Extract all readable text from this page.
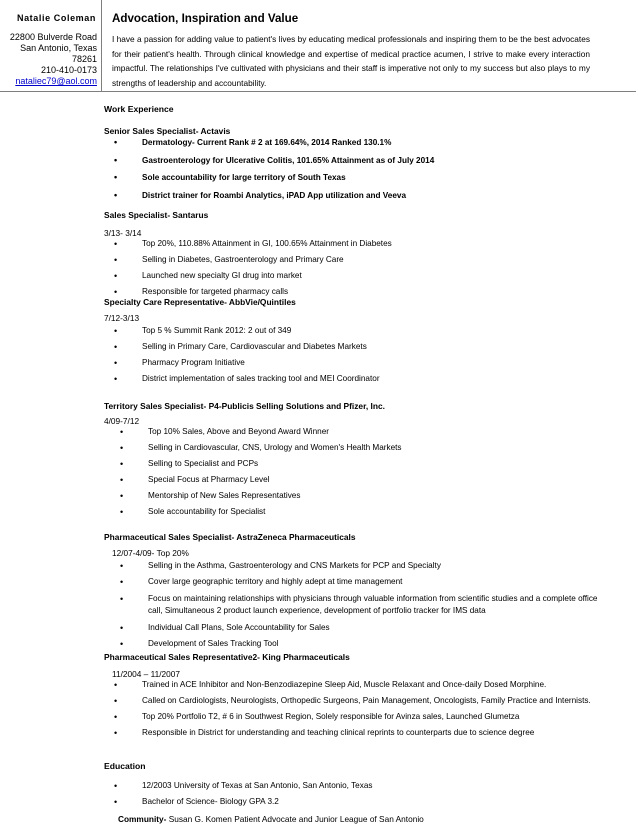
Natalie Coleman
22800 Bulverde Road
San Antonio, Texas
78261
210-410-0173
nataliec79@aol.com
Advocation, Inspiration and Value
I have a passion for adding value to patient's lives by educating medical professionals and inspiring them to be the best advocates for their patient's health. Through clinical knowledge and expertise of medical practice acumen, I strive to make every interaction impactful. The relationships I've cultivated with physicians and their staff is imperative not only to my success but also plays to my strengths of leadership and accountability.
Work Experience
Senior Sales Specialist- Actavis
•	Dermatology- Current Rank # 2 at 169.64%, 2014 Ranked 130.1%
•	Gastroenterology for Ulcerative Colitis, 101.65% Attainment as of July 2014
•	Sole accountability for large territory of South Texas
•	District trainer for Roambi Analytics, iPAD App utilization and Veeva
Sales Specialist- Santarus
3/13- 3/14
•	Top 20%, 110.88% Attainment in GI, 100.65% Attainment in Diabetes
•	Selling in Diabetes, Gastroenterology and Primary Care
•	Launched new specialty GI drug into market
•	Responsible for targeted pharmacy calls
Specialty Care Representative- AbbVie/Quintiles
7/12-3/13
•	Top 5 % Summit Rank 2012: 2 out of 349
•	Selling in Primary Care, Cardiovascular and Diabetes Markets
•	Pharmacy Program Initiative
•	District implementation of sales tracking tool and MEI Coordinator
Territory Sales Specialist- P4-Publicis Selling Solutions and Pfizer, Inc.
4/09-7/12
•	Top 10% Sales, Above and Beyond Award Winner
•	Selling in Cardiovascular, CNS, Urology and Women's Health Markets
•	Selling to Specialist and PCPs
•	Special Focus at Pharmacy Level
•	Mentorship of New Sales Representatives
•	Sole accountability for Specialist
Pharmaceutical Sales Specialist- AstraZeneca Pharmaceuticals
12/07-4/09- Top 20%
•	Selling in the Asthma, Gastroenterology and CNS Markets for PCP and Specialty
•	Cover large geographic territory and highly adept at time management
•	Focus on maintaining relationships with physicians through valuable information from scientific studies and a complete office call, Simultaneous 2 product launch experience, development of portfolio tracker for IMS data
•	Individual Call Plans, Sole Accountability for Sales
•	Development of Sales Tracking Tool
Pharmaceutical Sales Representative2- King Pharmaceuticals
11/2004 – 11/2007
•	Trained in ACE Inhibitor and Non-Benzodiazepine Sleep Aid, Muscle Relaxant and Once-daily Dosed Morphine.
•	Called on Cardiologists, Neurologists, Orthopedic Surgeons, Pain Management, Oncologists, Family Practice and Internists.
•	Top 20% Portfolio T2, # 6 in Southwest Region, Solely responsible for Avinza sales, Launched Glumetza
•	Responsible in District for understanding and teaching clinical reprints to counterparts due to science degree
Education
•	12/2003 University of Texas at San Antonio, San Antonio, Texas
•	Bachelor of Science- Biology GPA 3.2
Community- Susan G. Komen Patient Advocate and Junior League of San Antonio
